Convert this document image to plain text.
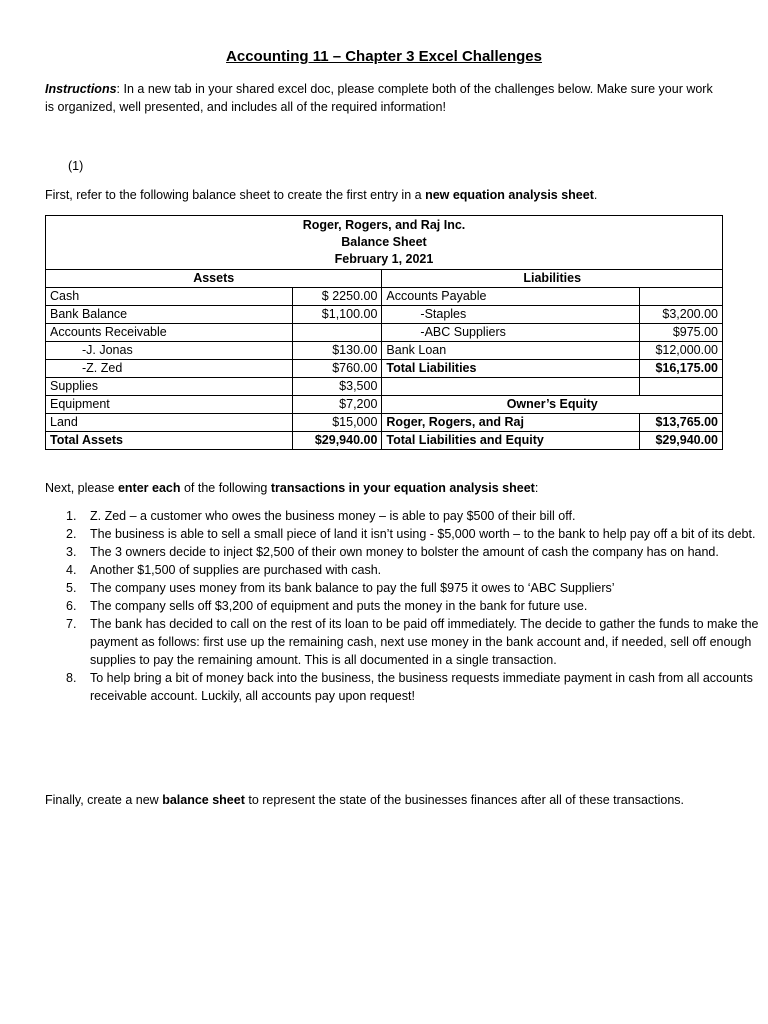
Accounting 11 – Chapter 3 Excel Challenges
Instructions: In a new tab in your shared excel doc, please complete both of the challenges below. Make sure your work is organized, well presented, and includes all of the required information!
(1)
First, refer to the following balance sheet to create the first entry in a new equation analysis sheet.
Roger, Rogers, and Raj Inc.
Balance Sheet
February 1, 2021			

Assets		Liabilities	
Cash	$ 2250.00	Accounts Payable	
Bank Balance	$1,100.00	-Staples	$3,200.00
Accounts Receivable		-ABC Suppliers	$975.00
-J. Jonas	$130.00	Bank Loan	$12,000.00
-Z. Zed	$760.00	Total Liabilities	$16,175.00
Supplies	$3,500		
Equipment	$7,200	Owner’s Equity	
Land	$15,000	Roger, Rogers, and Raj	$13,765.00
Total Assets	$29,940.00	Total Liabilities and Equity	$29,940.00
Next, please enter each of the following transactions in your equation analysis sheet:
1. Z. Zed – a customer who owes the business money – is able to pay $500 of their bill off.
2. The business is able to sell a small piece of land it isn’t using - $5,000 worth – to the bank to help pay off a bit of its debt.
3. The 3 owners decide to inject $2,500 of their own money to bolster the amount of cash the company has on hand.
4. Another $1,500 of supplies are purchased with cash.
5. The company uses money from its bank balance to pay the full $975 it owes to ‘ABC Suppliers’
6. The company sells off $3,200 of equipment and puts the money in the bank for future use.
7. The bank has decided to call on the rest of its loan to be paid off immediately. The decide to gather the funds to make the payment as follows: first use up the remaining cash, next use money in the bank account and, if needed, sell off enough supplies to pay the remaining amount. This is all documented in a single transaction.
8. To help bring a bit of money back into the business, the business requests immediate payment in cash from all accounts receivable account. Luckily, all accounts pay upon request!
Finally, create a new balance sheet to represent the state of the businesses finances after all of these transactions.
